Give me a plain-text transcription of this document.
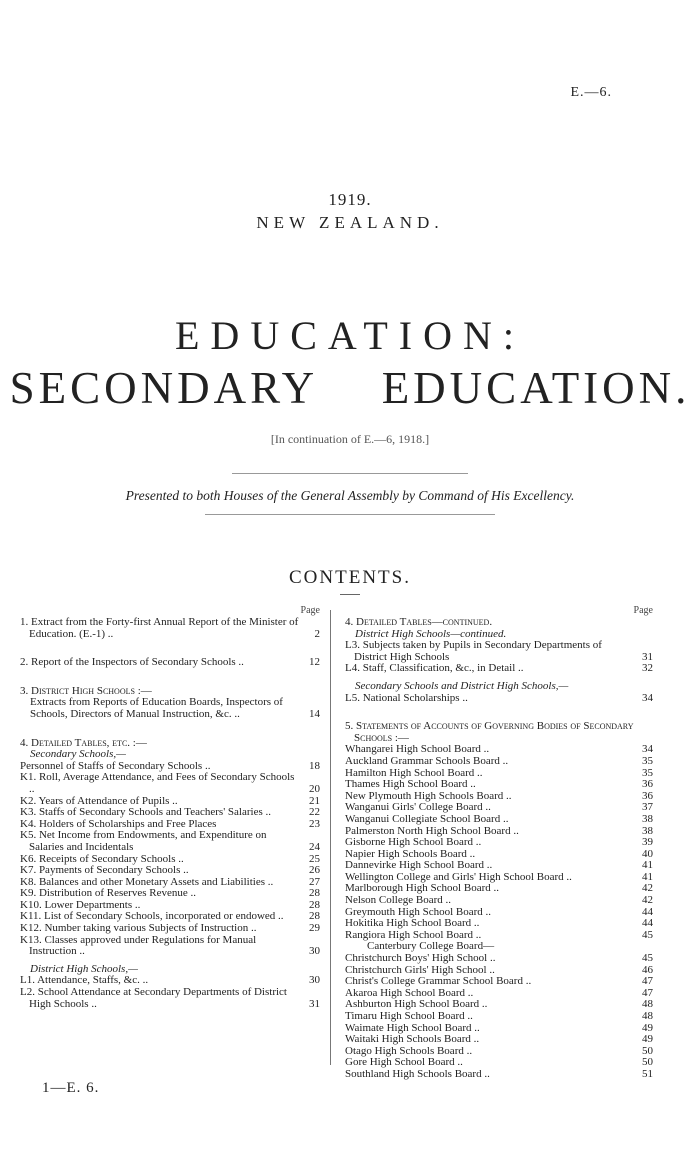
E.—6.
1919.
NEW ZEALAND.
EDUCATION:
SECONDARY EDUCATION.
[In continuation of E.—6, 1918.]
Presented to both Houses of the General Assembly by Command of His Excellency.
CONTENTS.
Page
1. Extract from the Forty-first Annual Report of the Minister of Education. (E.-1) ..	2
2. Report of the Inspectors of Secondary Schools ..	12
3. District High Schools :—
Extracts from Reports of Education Boards, Inspectors of Schools, Directors of Manual Instruction, &c. ..	14
4. Detailed Tables, etc. :—
Secondary Schools,—
Personnel of Staffs of Secondary Schools ..	18
K1. Roll, Average Attendance, and Fees of Secondary Schools ..	20
K2. Years of Attendance of Pupils ..	21
K3. Staffs of Secondary Schools and Teachers' Salaries ..	22
K4. Holders of Scholarships and Free Places	23
K5. Net Income from Endowments, and Expenditure on Salaries and Incidentals	24
K6. Receipts of Secondary Schools ..	25
K7. Payments of Secondary Schools ..	26
K8. Balances and other Monetary Assets and Liabilities ..	27
K9. Distribution of Reserves Revenue ..	28
K10. Lower Departments ..	28
K11. List of Secondary Schools, incorporated or endowed ..	28
K12. Number taking various Subjects of Instruction ..	29
K13. Classes approved under Regulations for Manual Instruction ..	30
District High Schools,—
L1. Attendance, Staffs, &c. ..	30
L2. School Attendance at Secondary Departments of District High Schools ..	31
Page
4. Detailed Tables—continued.
District High Schools—continued.
L3. Subjects taken by Pupils in Secondary Departments of District High Schools	31
L4. Staff, Classification, &c., in Detail ..	32
Secondary Schools and District High Schools,—
L5. National Scholarships ..	34
5. Statements of Accounts of Governing Bodies of Secondary Schools :—
Whangarei High School Board ..	34
Auckland Grammar Schools Board ..	35
Hamilton High School Board ..	35
Thames High School Board ..	36
New Plymouth High Schools Board ..	36
Wanganui Girls' College Board ..	37
Wanganui Collegiate School Board ..	38
Palmerston North High School Board ..	38
Gisborne High School Board ..	39
Napier High Schools Board ..	40
Dannevirke High School Board ..	41
Wellington College and Girls' High School Board ..	41
Marlborough High School Board ..	42
Nelson College Board ..	42
Greymouth High School Board ..	44
Hokitika High School Board ..	44
Rangiora High School Board ..	45
Canterbury College Board—
Christchurch Boys' High School ..	45
Christchurch Girls' High School ..	46
Christ's College Grammar School Board ..	47
Akaroa High School Board ..	47
Ashburton High School Board ..	48
Timaru High School Board ..	48
Waimate High School Board ..	49
Waitaki High Schools Board ..	49
Otago High Schools Board ..	50
Gore High School Board ..	50
Southland High Schools Board ..	51
1—E. 6.
